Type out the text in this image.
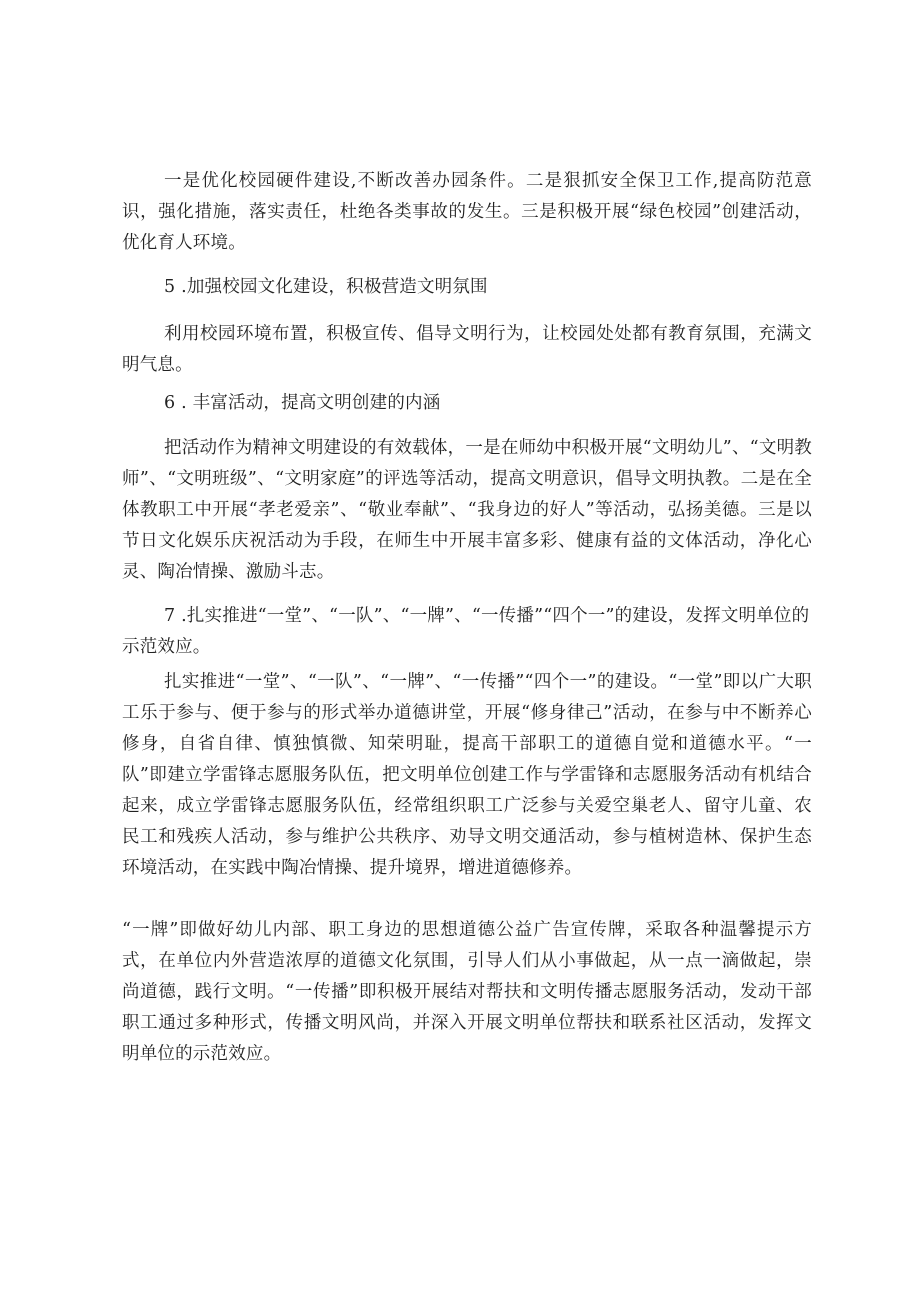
一是优化校园硬件建设,不断改善办园条件。二是狠抓安全保卫工作,提高防范意识，强化措施，落实责任，杜绝各类事故的发生。三是积极开展“绿色校园”创建活动，优化育人环境。

5 .加强校园文化建设，积极营造文明氛围

利用校园环境布置，积极宣传、倡导文明行为，让校园处处都有教育氛围，充满文明气息。

6 . 丰富活动，提高文明创建的内涵

把活动作为精神文明建设的有效载体，一是在师幼中积极开展“文明幼儿”、“文明教师”、“文明班级”、“文明家庭”的评选等活动，提高文明意识，倡导文明执教。二是在全体教职工中开展“孝老爱亲”、“敬业奉献”、“我身边的好人”等活动，弘扬美德。三是以节日文化娱乐庆祝活动为手段，在师生中开展丰富多彩、健康有益的文体活动，净化心灵、陶冶情操、激励斗志。

7 .扎实推进“一堂”、“一队”、“一牌”、“一传播”“四个一”的建设，发挥文明单位的示范效应。

扎实推进“一堂”、“一队”、“一牌”、“一传播”“四个一”的建设。“一堂”即以广大职工乐于参与、便于参与的形式举办道德讲堂，开展“修身律己”活动，在参与中不断养心修身，自省自律、慎独慎微、知荣明耻，提高干部职工的道德自觉和道德水平。“一队”即建立学雷锋志愿服务队伍，把文明单位创建工作与学雷锋和志愿服务活动有机结合起来，成立学雷锋志愿服务队伍，经常组织职工广泛参与关爱空巢老人、留守儿童、农民工和残疾人活动，参与维护公共秩序、劝导文明交通活动，参与植树造林、保护生态环境活动，在实践中陶冶情操、提升境界，增进道德修养。

“一牌”即做好幼儿内部、职工身边的思想道德公益广告宣传牌，采取各种温馨提示方式，在单位内外营造浓厚的道德文化氛围，引导人们从小事做起，从一点一滴做起，崇尚道德，践行文明。“一传播”即积极开展结对帮扶和文明传播志愿服务活动，发动干部职工通过多种形式，传播文明风尚，并深入开展文明单位帮扶和联系社区活动，发挥文明单位的示范效应。
